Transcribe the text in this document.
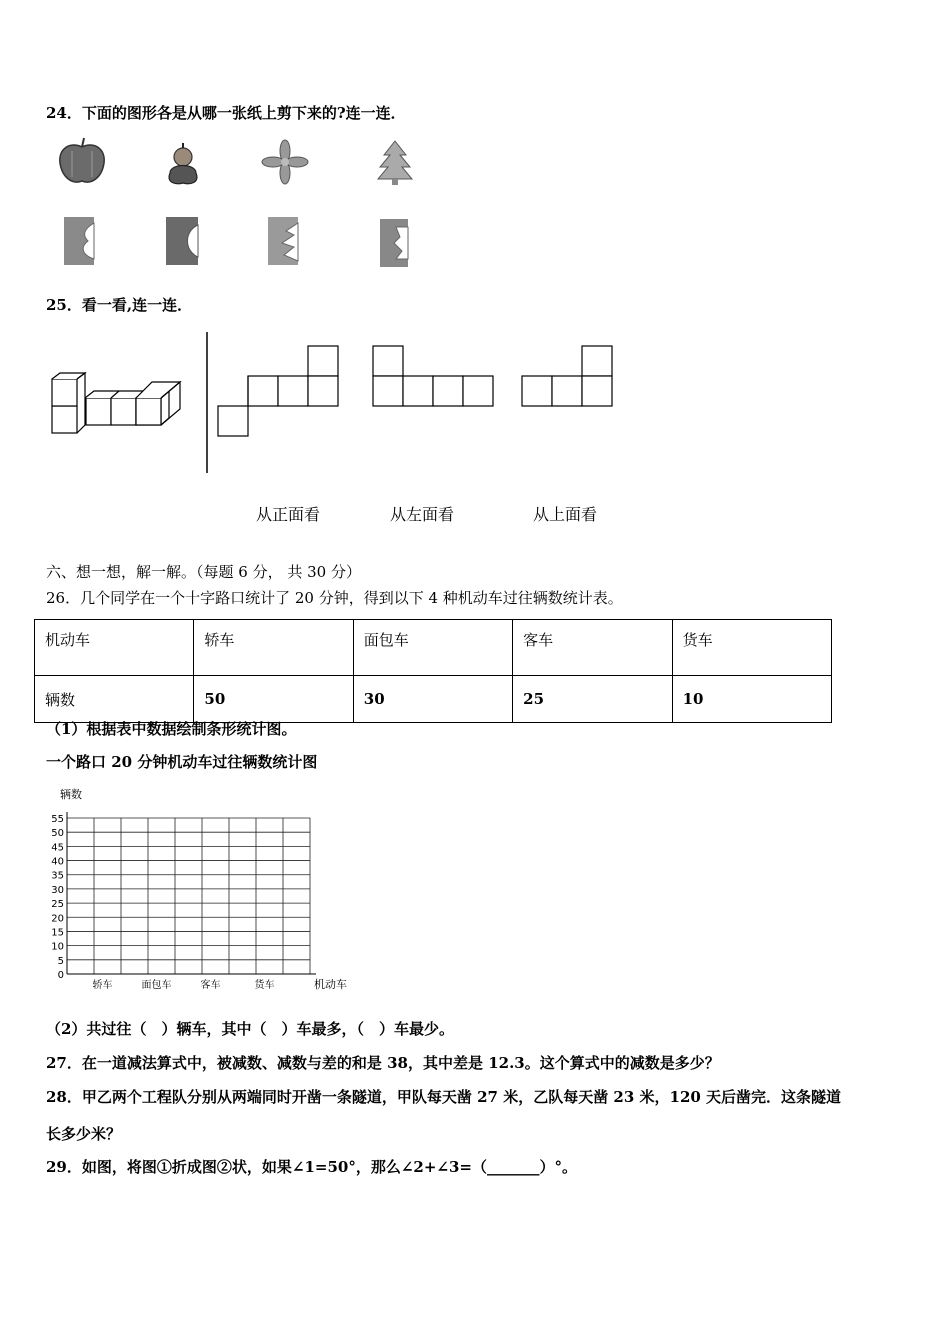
24．下面的图形各是从哪一张纸上剪下来的?连一连．
25．看一看,连一连．
从正面看	从左面看	从上面看
六、想一想，解一解。（每题 6 分， 共 30 分）
26．几个同学在一个十字路口统计了 20 分钟，得到以下 4 种机动车过往辆数统计表。
机动车	轿车	面包车	客车	货车
辆数	50	30	25	10
（1）根据表中数据绘制条形统计图。
一个路口 20 分钟机动车过往辆数统计图
辆数
0
5
10
15
20
25
30
35
40
45
50
55
轿车	面包车	客车	货车	机动车
（2）共过往（　）辆车，其中（　）车最多，（　）车最少。
27．在一道减法算式中，被减数、减数与差的和是 38，其中差是 12.3。这个算式中的减数是多少？
28．甲乙两个工程队分别从两端同时开凿一条隧道，甲队每天凿 27 米，乙队每天凿 23 米，120 天后凿完．这条隧道
长多少米？
29．如图，将图①折成图②状，如果∠1=50°，那么∠2+∠3=（_______）°。
